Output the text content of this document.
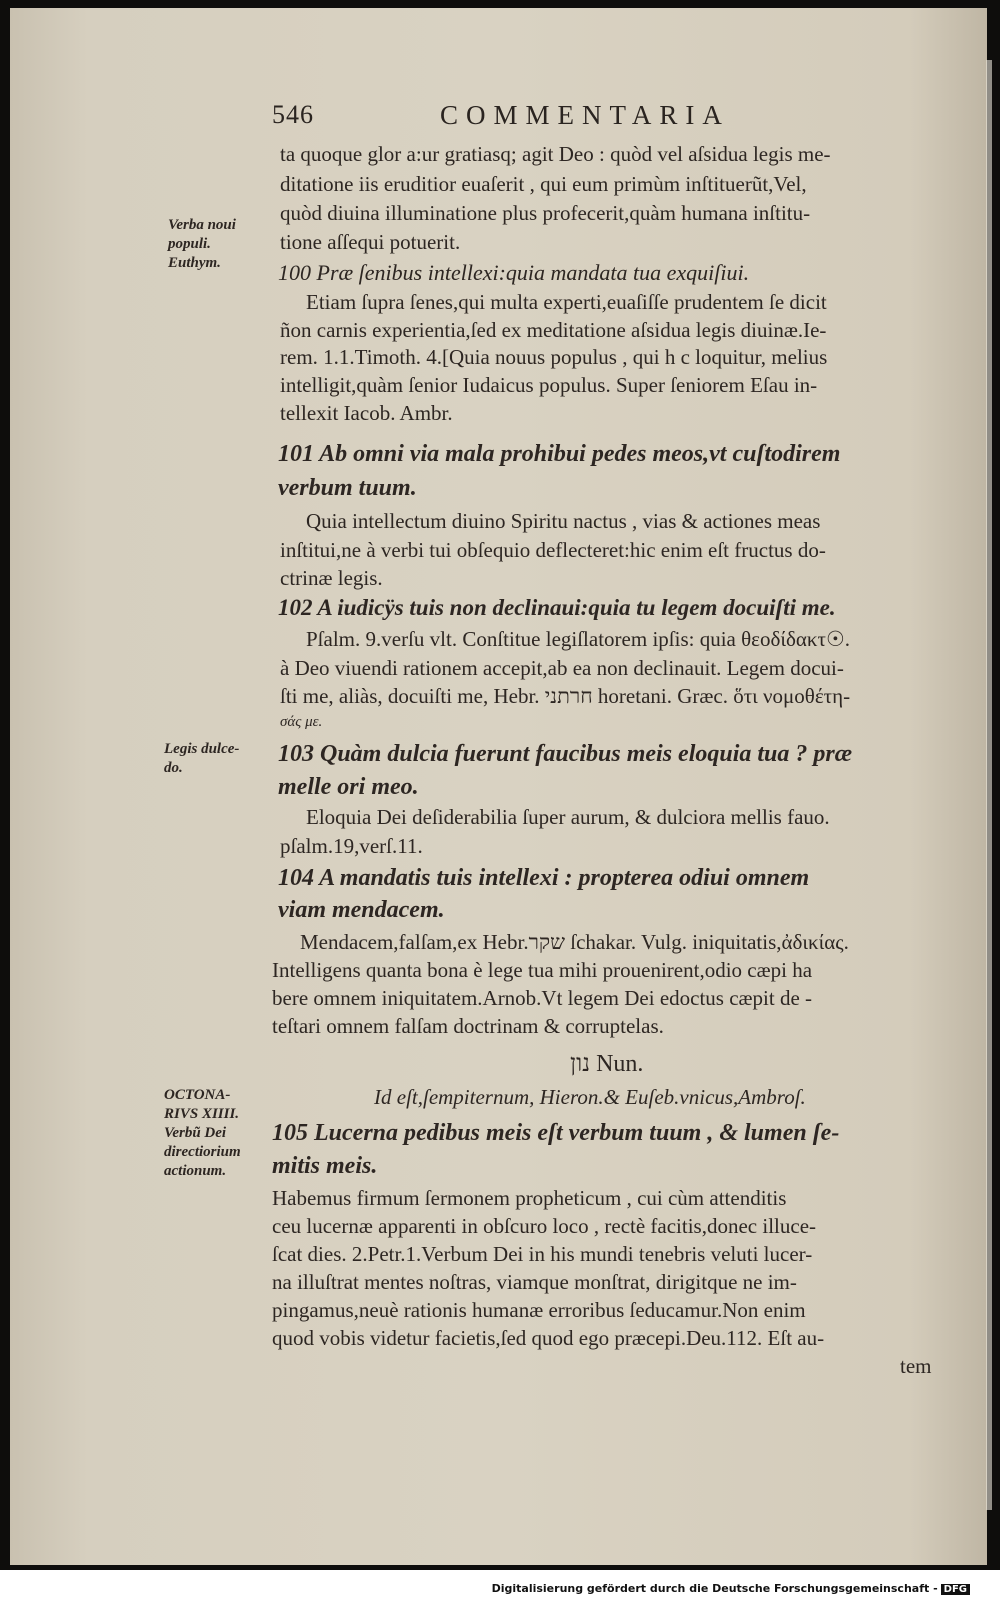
546	COMMENTARIA
Verba noui
populi.
Euthym.
Legis dulce-
do.
OCTONA-
RIVS XIIII.
Verbũ Dei
directiorium
actionum.
ta quoque glor a:ur gratiasq; agit Deo : quòd vel aſsidua legis me-
ditatione iis eruditior euaſerit , qui eum primùm inſtituerũt,Vel,
quòd diuina illuminatione plus profecerit,quàm humana inſtitu-
tione aſſequi potuerit.
100 Præ ſenibus intellexi:quia mandata tua exquiſiui.
Etiam ſupra ſenes,qui multa experti,euaſiſſe prudentem ſe dicit
ñon carnis experientia,ſed ex meditatione aſsidua legis diuinæ.Ie-
rem. 1.1.Timoth. 4.[Quia nouus populus , qui h c loquitur, melius
intelligit,quàm ſenior Iudaicus populus. Super ſeniorem Eſau in-
tellexit Iacob. Ambr.
101 Ab omni via mala prohibui pedes meos,vt cuſtodirem
verbum tuum.
Quia intellectum diuino Spiritu nactus , vias & actiones meas
inſtitui,ne à verbi tui obſequio deflecteret:hic enim eſt fructus do-
ctrinæ legis.
102 A iudicÿs tuis non declinaui:quia tu legem docuiſti me.
Pſalm. 9.verſu vlt. Conſtitue legiſlatorem ipſis: quia θεοδίδακτ☉.
à Deo viuendi rationem accepit,ab ea non declinauit. Legem docui-
ſti me, aliàs, docuiſti me, Hebr. חרתני horetani. Græc. ὅτι νομοθέτη-
σάς με.
103 Quàm dulcia fuerunt faucibus meis eloquia tua ? præ
melle ori meo.
Eloquia Dei deſiderabilia ſuper aurum, & dulciora mellis fauo.
pſalm.19,verſ.11.
104 A mandatis tuis intellexi : propterea odiui omnem
viam mendacem.
Mendacem,falſam,ex Hebr.שקר ſchakar. Vulg. iniquitatis,ἀδικίας.
Intelligens quanta bona è lege tua mihi prouenirent,odio cæpi ha
bere omnem iniquitatem.Arnob.Vt legem Dei edoctus cæpit de -
teſtari omnem falſam doctrinam & corruptelas.
נון Nun.
Id eſt,ſempiternum, Hieron.& Euſeb.vnicus,Ambroſ.
105 Lucerna pedibus meis eſt verbum tuum , & lumen ſe-
mitis meis.
Habemus firmum ſermonem propheticum , cui cùm attenditis
ceu lucernæ apparenti in obſcuro loco , rectè facitis,donec illuce-
ſcat dies. 2.Petr.1.Verbum Dei in his mundi tenebris veluti lucer-
na illuſtrat mentes noſtras, viamque monſtrat, dirigitque ne im-
pingamus,neuè rationis humanæ erroribus ſeducamur.Non enim
quod vobis videtur facietis,ſed quod ego præcepi.Deu.112. Eſt au-
tem
Digitalisierung gefördert durch die Deutsche Forschungsgemeinschaft - DFG
